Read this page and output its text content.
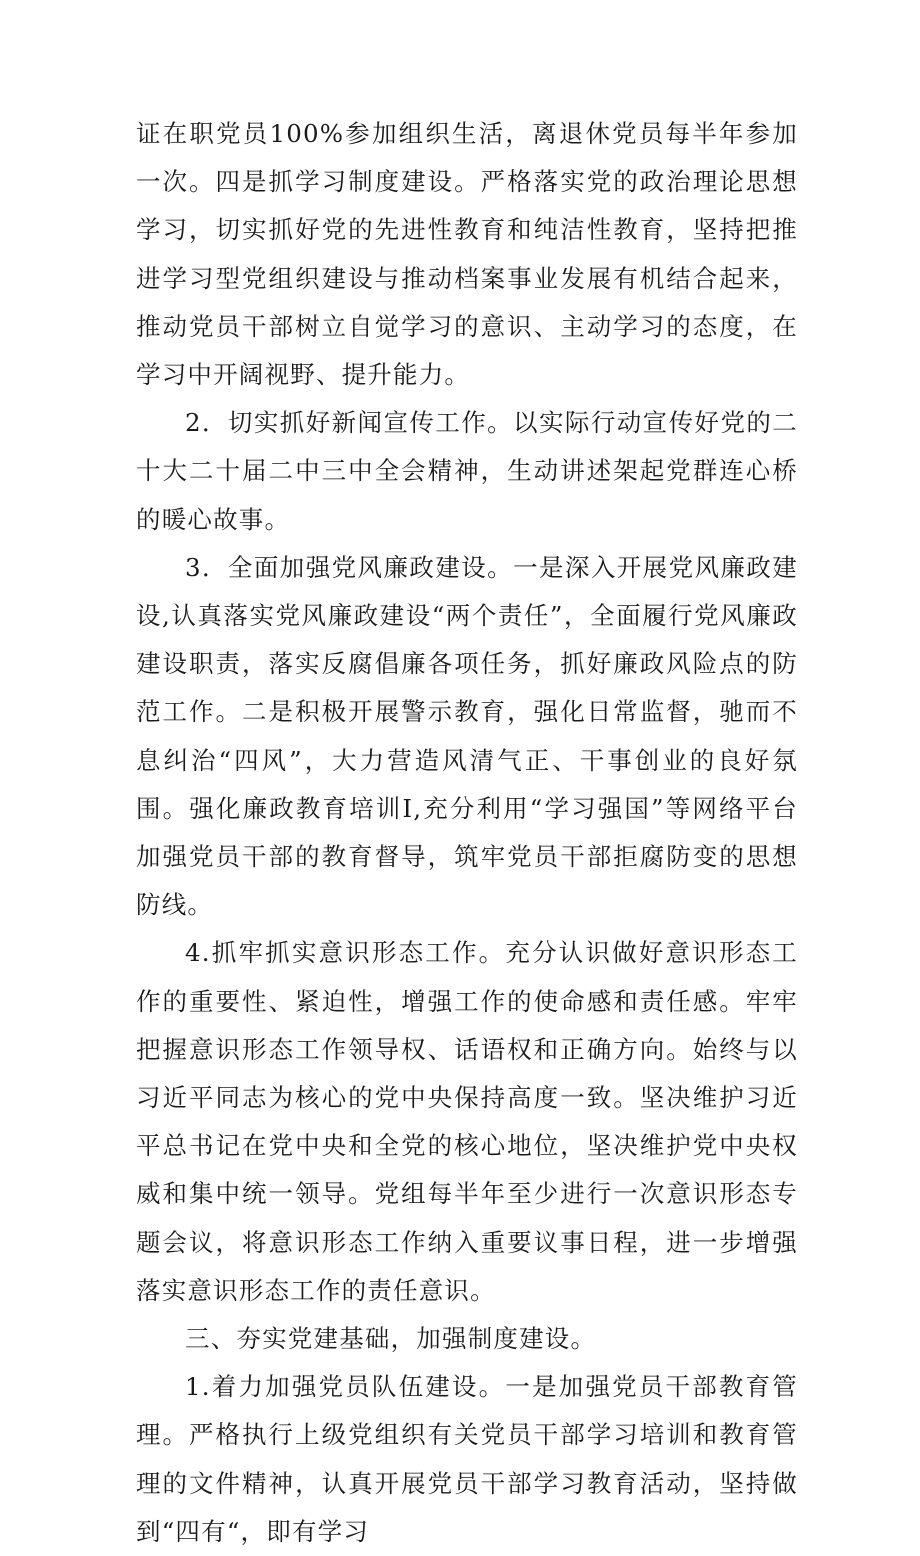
证在职党员100%参加组织生活，离退休党员每半年参加一次。四是抓学习制度建设。严格落实党的政治理论思想学习，切实抓好党的先进性教育和纯洁性教育，坚持把推进学习型党组织建设与推动档案事业发展有机结合起来，推动党员干部树立自觉学习的意识、主动学习的态度，在学习中开阔视野、提升能力。

2．切实抓好新闻宣传工作。以实际行动宣传好党的二十大二十届二中三中全会精神，生动讲述架起党群连心桥的暖心故事。

3．全面加强党风廉政建设。一是深入开展党风廉政建设,认真落实党风廉政建设“两个责任”，全面履行党风廉政建设职责，落实反腐倡廉各项任务，抓好廉政风险点的防范工作。二是积极开展警示教育，强化日常监督，驰而不息纠治“四风”，大力营造风清气正、干事创业的良好氛围。强化廉政教育培训I,充分利用“学习强国”等网络平台加强党员干部的教育督导，筑牢党员干部拒腐防变的思想防线。

4.抓牢抓实意识形态工作。充分认识做好意识形态工作的重要性、紧迫性，增强工作的使命感和责任感。牢牢把握意识形态工作领导权、话语权和正确方向。始终与以习近平同志为核心的党中央保持高度一致。坚决维护习近平总书记在党中央和全党的核心地位，坚决维护党中央权威和集中统一领导。党组每半年至少进行一次意识形态专题会议，将意识形态工作纳入重要议事日程，进一步增强落实意识形态工作的责任意识。

三、夯实党建基础，加强制度建设。

1.着力加强党员队伍建设。一是加强党员干部教育管理。严格执行上级党组织有关党员干部学习培训和教育管理的文件精神，认真开展党员干部学习教育活动，坚持做到“四有“，即有学习
